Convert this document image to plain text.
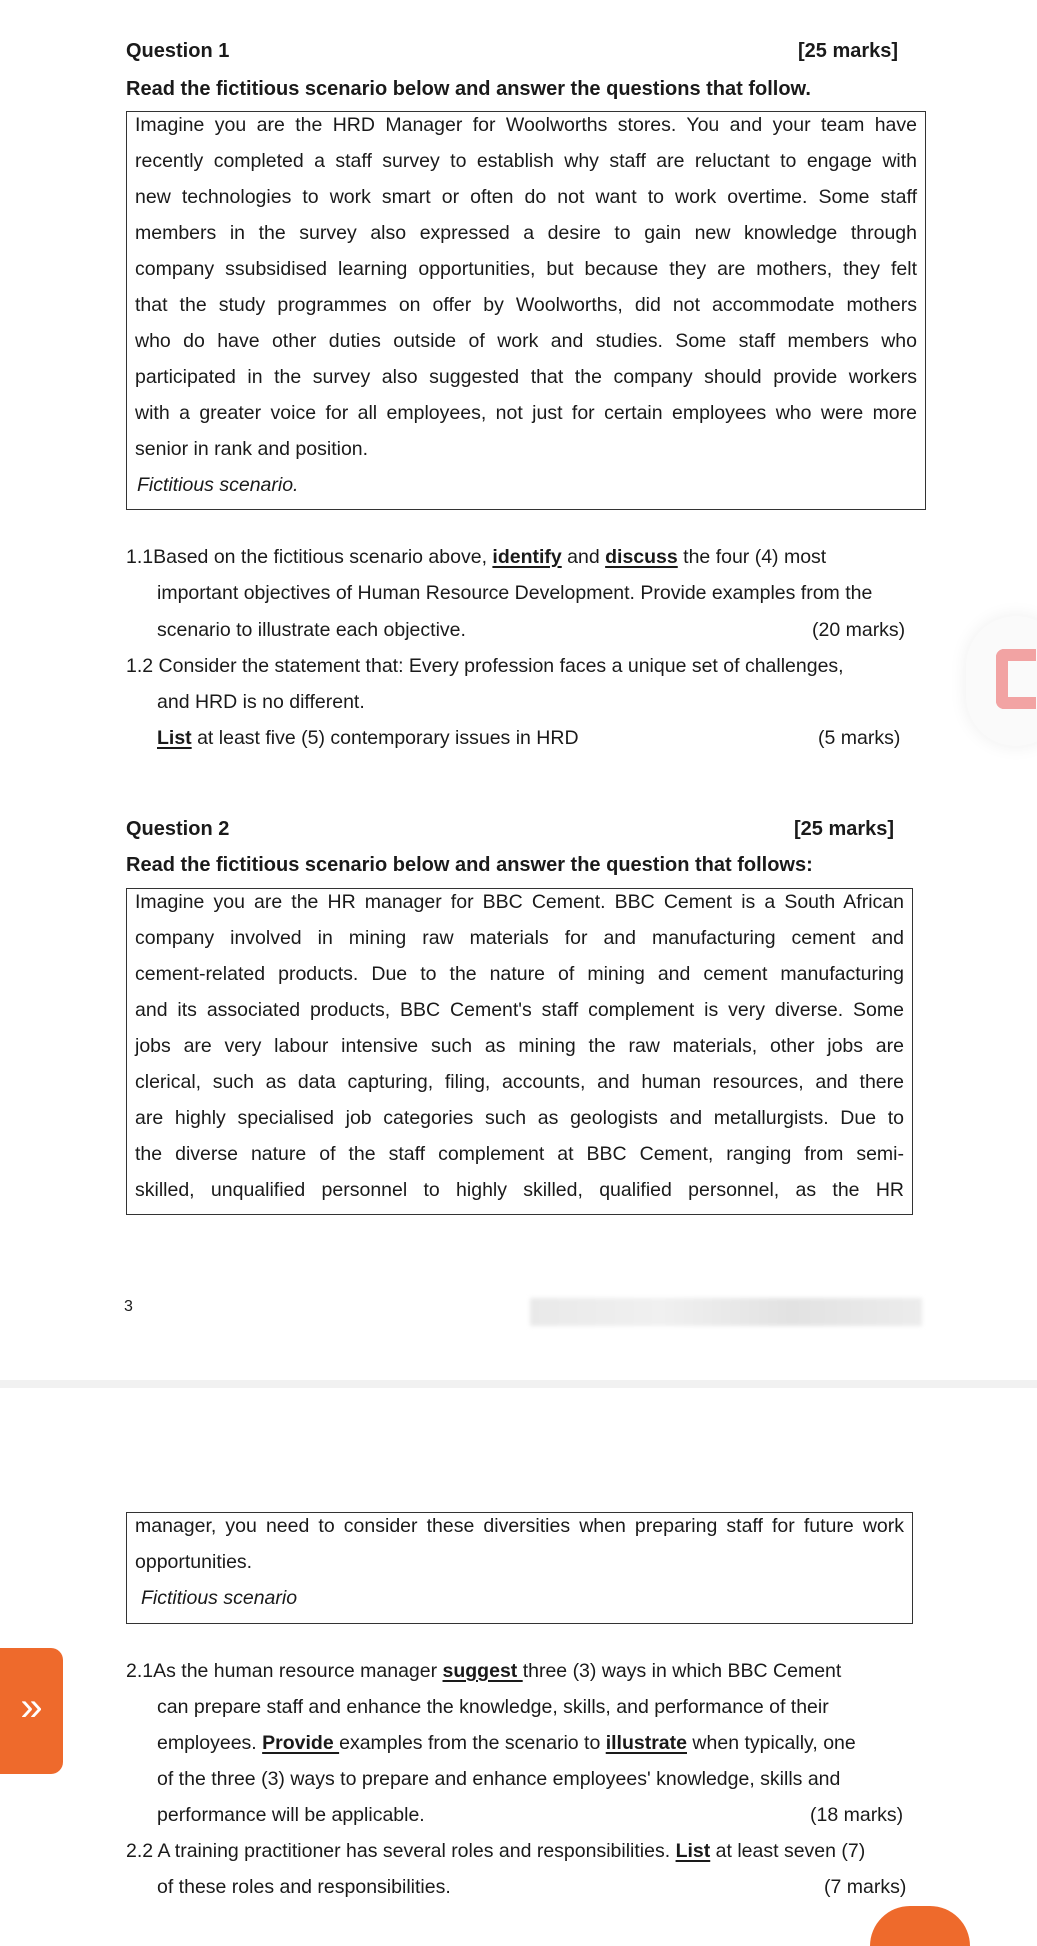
Question 1	[25 marks]
Read the fictitious scenario below and answer the questions that follow.
Imagine you are the HRD Manager for Woolworths stores. You and your team have
recently completed a staff survey to establish why staff are reluctant to engage with
new technologies to work smart or often do not want to work overtime. Some staff
members in the survey also expressed a desire to gain new knowledge through
company ssubsidised learning opportunities, but because they are mothers, they felt
that the study programmes on offer by Woolworths, did not accommodate mothers
who do have other duties outside of work and studies. Some staff members who
participated in the survey also suggested that the company should provide workers
with a greater voice for all employees, not just for certain employees who were more
senior in rank and position.
Fictitious scenario.
1.1Based on the fictitious scenario above, identify and discuss the four (4) most
important objectives of Human Resource Development. Provide examples from the
scenario to illustrate each objective.	(20 marks)
1.2 Consider the statement that: Every profession faces a unique set of challenges,
and HRD is no different.
List at least five (5) contemporary issues in HRD	(5 marks)
Question 2	[25 marks]
Read the fictitious scenario below and answer the question that follows:
Imagine you are the HR manager for BBC Cement. BBC Cement is a South African
company involved in mining raw materials for and manufacturing cement and
cement-related products. Due to the nature of mining and cement manufacturing
and its associated products, BBC Cement's staff complement is very diverse. Some
jobs are very labour intensive such as mining the raw materials, other jobs are
clerical, such as data capturing, filing, accounts, and human resources, and there
are highly specialised job categories such as geologists and metallurgists. Due to
the diverse nature of the staff complement at BBC Cement, ranging from semi-
skilled, unqualified personnel to highly skilled, qualified personnel, as the HR
3
manager, you need to consider these diversities when preparing staff for future work
opportunities.
Fictitious scenario
»
2.1As the human resource manager suggest three (3) ways in which BBC Cement
can prepare staff and enhance the knowledge, skills, and performance of their
employees. Provide examples from the scenario to illustrate when typically, one
of the three (3) ways to prepare and enhance employees' knowledge, skills and
performance will be applicable.	(18 marks)
2.2 A training practitioner has several roles and responsibilities. List at least seven (7)
of these roles and responsibilities.	(7 marks)
